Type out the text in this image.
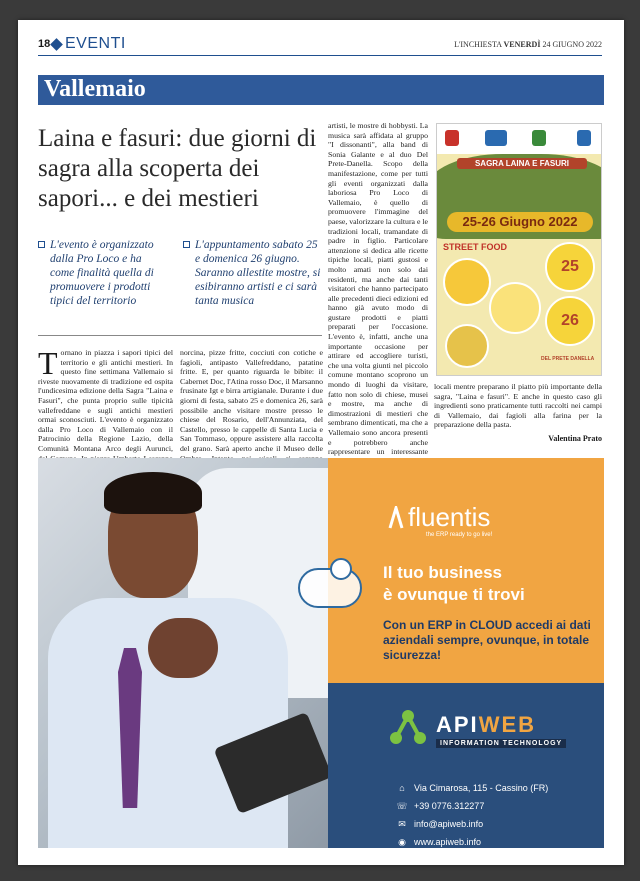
18 EVENTI	L'INCHIESTA VENERDÌ 24 GIUGNO 2022
Vallemaio
Laina e fasuri: due giorni di sagra alla scoperta dei sapori... e dei mestieri
L'evento è organizzato dalla Pro Loco e ha come finalità quella di promuovere i prodotti tipici del territorio
L'appuntamento sabato 25 e domenica 26 giugno. Saranno allestite mostre, si esibiranno artisti e ci sarà tanta musica
Tornano in piazza i sapori tipici del territorio e gli antichi mestieri. In questo fine settimana Vallemaio si riveste nuovamente di tradizione ed ospita l'undicesima edizione della Sagra "Laina e Fasuri", che punta proprio sulle tipicità vallefreddane e sugli antichi mestieri ormai sconosciuti. L'evento è organizzato dalla Pro Loco di Vallemaio con il Patrocinio della Regione Lazio, della Comunità Montana Arco degli Aurunci,
norcina, pizze fritte, cocciuti con cotiche e fagioli, antipasto Vallefreddano, patatine fritte. E, per quanto riguarda le bibite: il Cabernet Doc, l'Atina rosso Doc, il Marsanno frusinate Igt e birra artigianale. Durante i due giorni di festa, sabato 25 e domenica 26, sarà possibile anche visitare mostre presso le chiese del Rosario, dell'Annunziata, del Castello, presso le cappelle di Santa Lucia e San Tommaso, oppure assistere alla raccolta del grano. Sarà aperto anche il Museo delle
artisti, le mostre di hobbysti. La musica sarà affidata al gruppo "I dissonanti", alla band di Sonia Galante e al duo Del Prete-Danella. Scopo della manifestazione, come per tutti gli eventi organizzati dalla laboriosa Pro Loco di Vallemaio, è quello di promuovere l'immagine del paese, valorizzare la cultura e le tradizioni locali, tramandate di padre in figlio. Particolare attenzione si dedica alle ricette tipiche locali, piatti gustosi e molto amati non solo dai residenti, ma anche dai tanti visitatori che hanno partecipato alle precedenti dieci edizioni ed hanno già avuto modo di gustare prodotti e piatti preparati per l'occasione. L'evento è, infatti, anche una importante occasione per attirare ed accogliere turisti, che una volta giunti nel piccolo comune montano scoprono un mondo di luoghi da visitare, fatto non solo di chiese, musei e mostre, ma anche di dimostrazioni di mestieri che sembrano dimenticati, ma che a Vallemaio sono ancora presenti e potrebbero anche rappresentare un interessante
locali mentre preparano il piatto più importante della sagra, "Laina e fasuri". E anche in questo caso gli ingredienti sono praticamente tutti raccolti nei campi di Vallemaio, dai fagioli alla farina per la preparazione della pasta.
Valentina Prato
SAGRA LAINA E FASURI
25-26 Giugno 2022
STREET FOOD
25
26
DEL PRETE DANELLA
fluentis
the ERP ready to go live!
Il tuo business
è ovunque ti trovi
Con un ERP in CLOUD accedi ai dati aziendali sempre, ovunque, in totale sicurezza!
APIWEB
INFORMATION TECHNOLOGY
⌂ Via Cimarosa, 115 - Cassino (FR)
☏ +39 0776.312277
✉ info@apiweb.info
◉ www.apiweb.info
